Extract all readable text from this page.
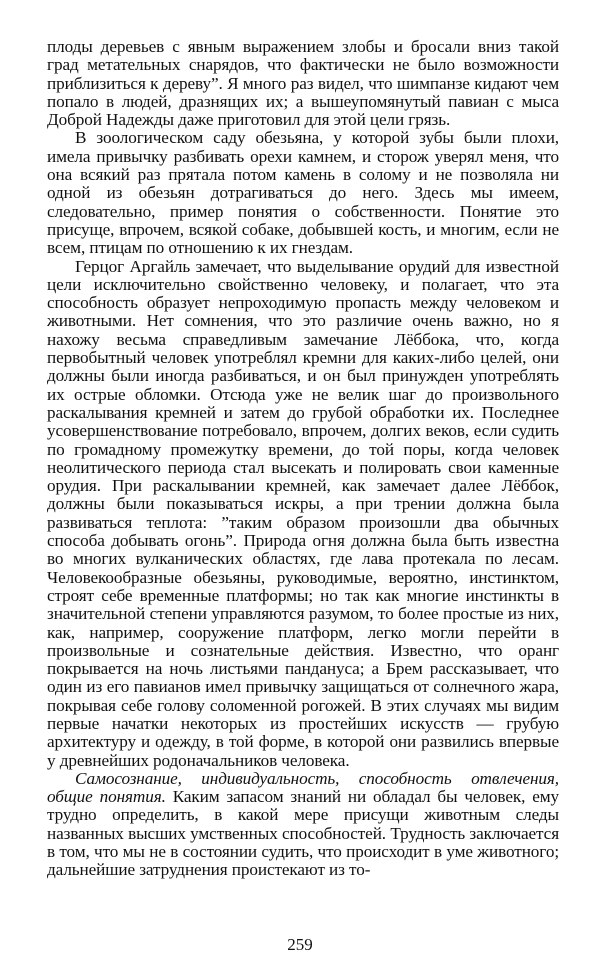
плоды деревьев с явным выражением злобы и бросали вниз такой град метательных снарядов, что фактически не было возможности приблизиться к дереву”. Я много раз видел, что шимпанзе кидают чем попало в людей, дразнящих их; а вышеупомянутый павиан с мыса Доброй Надежды даже приготовил для этой цели грязь.

В зоологическом саду обезьяна, у которой зубы были плохи, имела привычку разбивать орехи камнем, и сторож уверял меня, что она всякий раз прятала потом камень в солому и не позволяла ни одной из обезьян дотрагиваться до него. Здесь мы имеем, следовательно, пример понятия о собственности. Понятие это присуще, впрочем, всякой собаке, добывшей кость, и многим, если не всем, птицам по отношению к их гнездам.

Герцог Аргайль замечает, что выделывание орудий для известной цели исключительно свойственно человеку, и полагает, что эта способность образует непроходимую пропасть между человеком и животными. Нет сомнения, что это различие очень важно, но я нахожу весьма справедливым замечание Лёббока, что, когда первобытный человек употреблял кремни для каких-либо целей, они должны были иногда разбиваться, и он был принужден употреблять их острые обломки. Отсюда уже не велик шаг до произвольного раскалывания кремней и затем до грубой обработки их. Последнее усовершенствование потребовало, впрочем, долгих веков, если судить по громадному промежутку времени, до той поры, когда человек неолитического периода стал высекать и полировать свои каменные орудия. При раскалывании кремней, как замечает далее Лёббок, должны были показываться искры, а при трении должна была развиваться теплота: ”таким образом произошли два обычных способа добывать огонь”. Природа огня должна была быть известна во многих вулканических областях, где лава протекала по лесам. Человекообразные обезьяны, руководимые, вероятно, инстинктом, строят себе временные платформы; но так как многие инстинкты в значительной степени управляются разумом, то более простые из них, как, например, сооружение платформ, легко могли перейти в произвольные и сознательные действия. Известно, что оранг покрывается на ночь листьями пандануса; а Брем рассказывает, что один из его павианов имел привычку защищаться от солнечного жара, покрывая себе голову соломенной рогожей. В этих случаях мы видим первые начатки некоторых из простейших искусств — грубую архитектуру и одежду, в той форме, в которой они развились впервые у древнейших родоначальников человека.

Самосознание, индивидуальность, способность отвлечения, общие понятия. Каким запасом знаний ни обладал бы человек, ему трудно определить, в какой мере присущи животным следы названных высших умственных способностей. Трудность заключается в том, что мы не в состоянии судить, что происходит в уме животного; дальнейшие затруднения проистекают из то-

259
